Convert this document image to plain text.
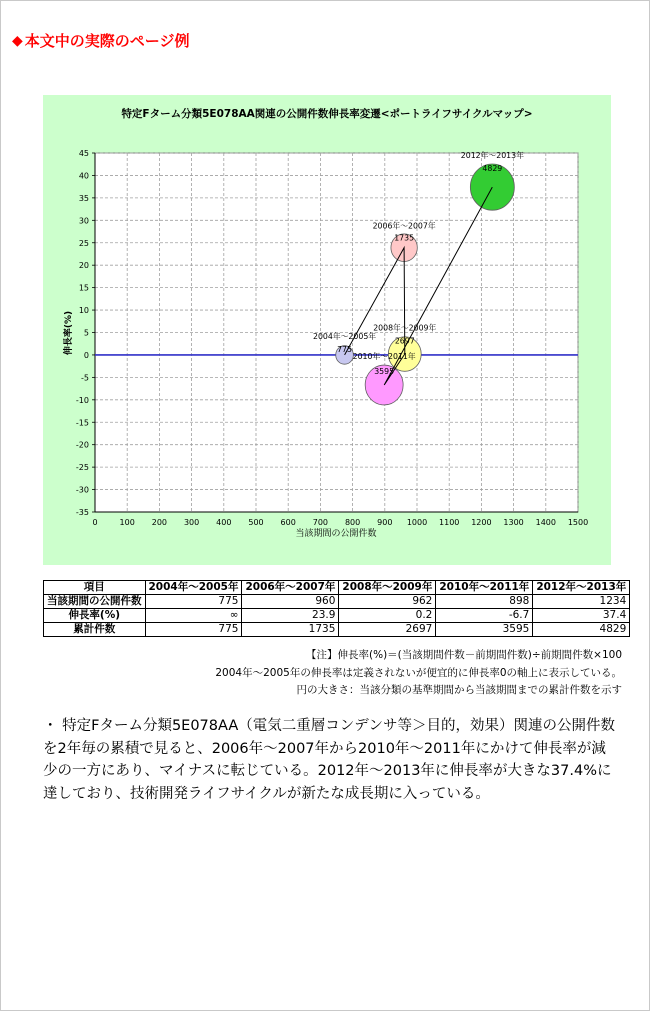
◆ 本文中の実際のページ例
特定Fターム分類5E078AA関連の公開件数伸長率変遷<ポートライフサイクルマップ>
当該期間の公開件数
伸長率(%)
0	100 200 300 400 500 600 700 800 900 1000 1100 1200 1300 1400 1500
45
40
35
30
25
20
15
10
5
0
-5
-10
-15
-20
-25
-30
-35
2004年～2005年
775
2006年～2007年
1735
2008年～2009年
2697
2010年～2011年
3595
2012年～2013年
4829
項目	2004年～2005年	2006年～2007年	2008年～2009年	2010年～2011年	2012年～2013年
当該期間の公開件数	775	960	962	898	1234
伸長率(%)	∞	23.9	0.2	-6.7	37.4
累計件数	775	1735	2697	3595	4829
【注】伸長率(%)＝(当該期間件数－前期間件数)÷前期間件数×100
2004年～2005年の伸長率は定義されないが便宜的に伸長率0の軸上に表示している。
円の大きさ：当該分類の基準期間から当該期間までの累計件数を示す
・ 特定Fターム分類5E078AA（電気二重層コンデンサ等＞目的，効果）関連の公開件数を2年毎の累積で見ると、2006年～2007年から2010年～2011年にかけて伸長率が減少の一方にあり、マイナスに転じている。2012年～2013年に伸長率が大きな37.4%に達しており、技術開発ライフサイクルが新たな成長期に入っている。
